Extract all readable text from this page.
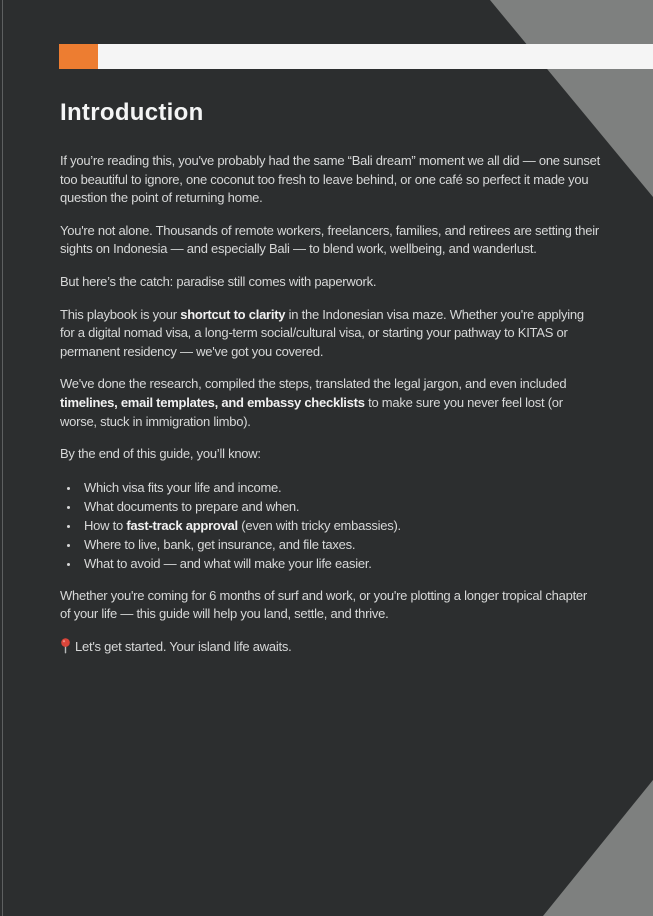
Introduction

If you’re reading this, you've probably had the same “Bali dream” moment we all did — one sunset too beautiful to ignore, one coconut too fresh to leave behind, or one café so perfect it made you question the point of returning home.

You're not alone. Thousands of remote workers, freelancers, families, and retirees are setting their sights on Indonesia — and especially Bali — to blend work, wellbeing, and wanderlust.

But here’s the catch: paradise still comes with paperwork.

This playbook is your shortcut to clarity in the Indonesian visa maze. Whether you're applying for a digital nomad visa, a long-term social/cultural visa, or starting your pathway to KITAS or permanent residency — we've got you covered.

We've done the research, compiled the steps, translated the legal jargon, and even included timelines, email templates, and embassy checklists to make sure you never feel lost (or worse, stuck in immigration limbo).

By the end of this guide, you’ll know:

• Which visa fits your life and income.
• What documents to prepare and when.
• How to fast-track approval (even with tricky embassies).
• Where to live, bank, get insurance, and file taxes.
• What to avoid — and what will make your life easier.

Whether you're coming for 6 months of surf and work, or you're plotting a longer tropical chapter of your life — this guide will help you land, settle, and thrive.

Let's get started. Your island life awaits.
